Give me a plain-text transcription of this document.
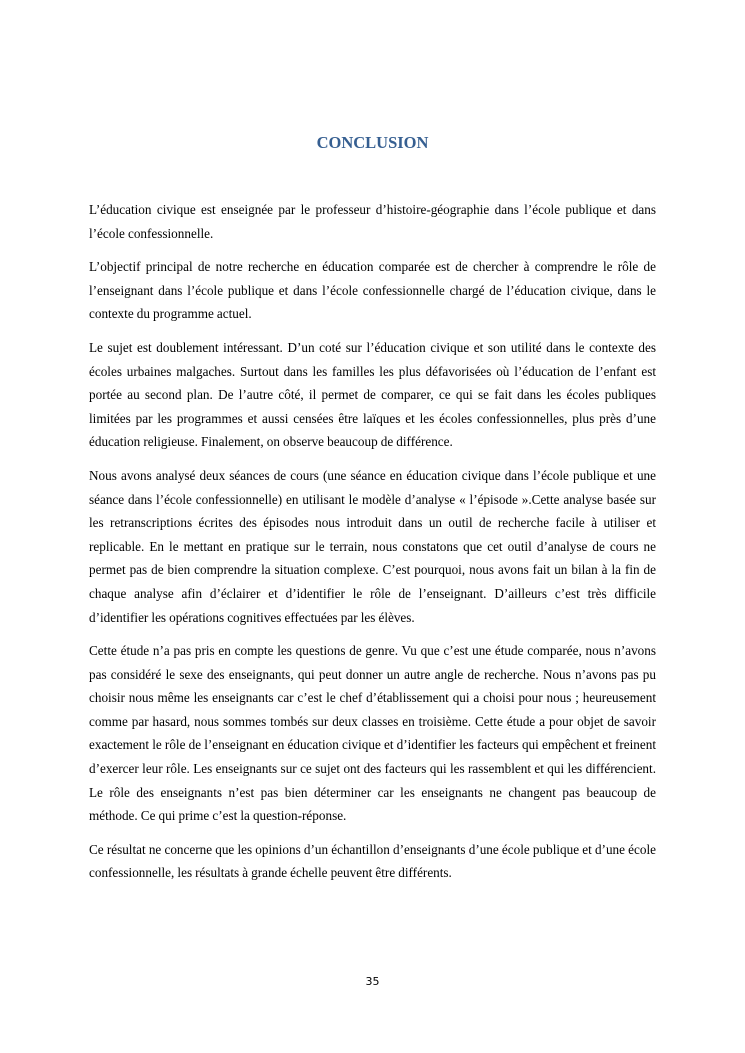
CONCLUSION

L’éducation civique est enseignée par le professeur d’histoire-géographie dans l’école publique et dans l’école confessionnelle.

L’objectif principal de notre recherche en éducation comparée est de chercher à comprendre le rôle de l’enseignant dans l’école publique et dans l’école confessionnelle chargé de l’éducation civique, dans le contexte du programme actuel.

Le sujet est doublement intéressant. D’un coté sur l’éducation civique et son utilité dans le contexte des écoles urbaines malgaches. Surtout dans les familles les plus défavorisées où l’éducation de l’enfant est portée au second plan. De l’autre côté, il permet de comparer, ce qui se fait dans les écoles publiques limitées par les programmes et aussi censées être laïques et les écoles confessionnelles, plus près d’une éducation religieuse. Finalement, on observe beaucoup de différence.

Nous avons analysé deux séances de cours (une séance en éducation civique dans l’école publique et une séance dans l’école confessionnelle) en utilisant le modèle d’analyse « l’épisode ».Cette analyse basée sur les retranscriptions écrites des épisodes nous introduit dans un outil de recherche facile à utiliser et replicable. En le mettant en pratique sur le terrain, nous constatons que cet outil d’analyse de cours ne permet pas de bien comprendre la situation complexe. C’est pourquoi, nous avons fait un bilan à la fin de chaque analyse afin d’éclairer et d’identifier le rôle de l’enseignant. D’ailleurs c’est très difficile d’identifier les opérations cognitives effectuées par les élèves.

Cette étude n’a pas pris en compte les questions de genre. Vu que c’est une étude comparée, nous n’avons pas considéré le sexe des enseignants, qui peut donner un autre angle de recherche. Nous n’avons pas pu choisir nous même les enseignants car c’est le chef d’établissement qui a choisi pour nous ; heureusement comme par hasard, nous sommes tombés sur deux classes en troisième. Cette étude a pour objet de savoir exactement le rôle de l’enseignant en éducation civique et d’identifier les facteurs qui empêchent et freinent d’exercer leur rôle. Les enseignants sur ce sujet ont des facteurs qui les rassemblent et qui les différencient. Le rôle des enseignants n’est pas bien déterminer car les enseignants ne changent pas beaucoup de méthode. Ce qui prime c’est la question-réponse.

Ce résultat ne concerne que les opinions d’un échantillon d’enseignants d’une école publique et d’une école confessionnelle, les résultats à grande échelle peuvent être différents.

35
